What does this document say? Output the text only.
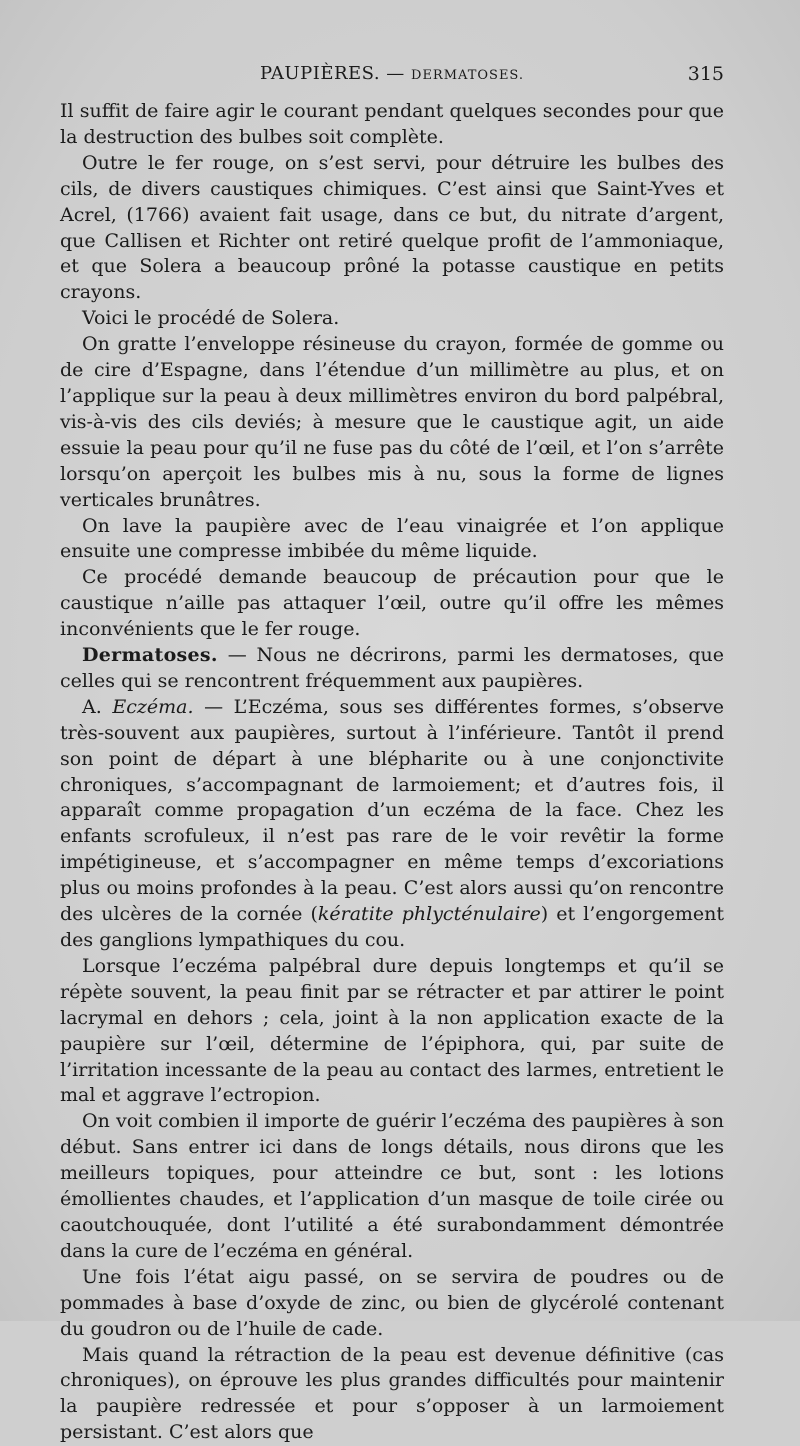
PAUPIÈRES. — DERMATOSES.	315

Il suffit de faire agir le courant pendant quelques secondes pour que la destruction des bulbes soit complète.

Outre le fer rouge, on s’est servi, pour détruire les bulbes des cils, de divers caustiques chimiques. C’est ainsi que Saint-Yves et Acrel, (1766) avaient fait usage, dans ce but, du nitrate d’argent, que Callisen et Richter ont retiré quelque profit de l’ammoniaque, et que Solera a beaucoup prôné la potasse caustique en petits crayons.

Voici le procédé de Solera.

On gratte l’enveloppe résineuse du crayon, formée de gomme ou de cire d’Espagne, dans l’étendue d’un millimètre au plus, et on l’applique sur la peau à deux millimètres environ du bord palpébral, vis-à-vis des cils deviés; à mesure que le caustique agit, un aide essuie la peau pour qu’il ne fuse pas du côté de l’œil, et l’on s’arrête lorsqu’on aperçoit les bulbes mis à nu, sous la forme de lignes verticales brunâtres.

On lave la paupière avec de l’eau vinaigrée et l’on applique ensuite une compresse imbibée du même liquide.

Ce procédé demande beaucoup de précaution pour que le caustique n’aille pas attaquer l’œil, outre qu’il offre les mêmes inconvénients que le fer rouge.

Dermatoses. — Nous ne décrirons, parmi les dermatoses, que celles qui se rencontrent fréquemment aux paupières.

A. Eczéma. — L’Eczéma, sous ses différentes formes, s’observe très-souvent aux paupières, surtout à l’inférieure. Tantôt il prend son point de départ à une blépharite ou à une conjonctivite chroniques, s’accompagnant de larmoiement; et d’autres fois, il apparaît comme propagation d’un eczéma de la face. Chez les enfants scrofuleux, il n’est pas rare de le voir revêtir la forme impétigineuse, et s’accompagner en même temps d’excoriations plus ou moins profondes à la peau. C’est alors aussi qu’on rencontre des ulcères de la cornée (kératite phlycténulaire) et l’engorgement des ganglions lympathiques du cou.

Lorsque l’eczéma palpébral dure depuis longtemps et qu’il se répète souvent, la peau finit par se rétracter et par attirer le point lacrymal en dehors ; cela, joint à la non application exacte de la paupière sur l’œil, détermine de l’épiphora, qui, par suite de l’irritation incessante de la peau au contact des larmes, entretient le mal et aggrave l’ectropion.

On voit combien il importe de guérir l’eczéma des paupières à son début. Sans entrer ici dans de longs détails, nous dirons que les meilleurs topiques, pour atteindre ce but, sont : les lotions émollientes chaudes, et l’application d’un masque de toile cirée ou caoutchouquée, dont l’utilité a été surabondamment démontrée dans la cure de l’eczéma en général.

Une fois l’état aigu passé, on se servira de poudres ou de pommades à base d’oxyde de zinc, ou bien de glycérolé contenant du goudron ou de l’huile de cade.

Mais quand la rétraction de la peau est devenue définitive (cas chroniques), on éprouve les plus grandes difficultés pour maintenir la paupière redressée et pour s’opposer à un larmoiement persistant. C’est alors que
